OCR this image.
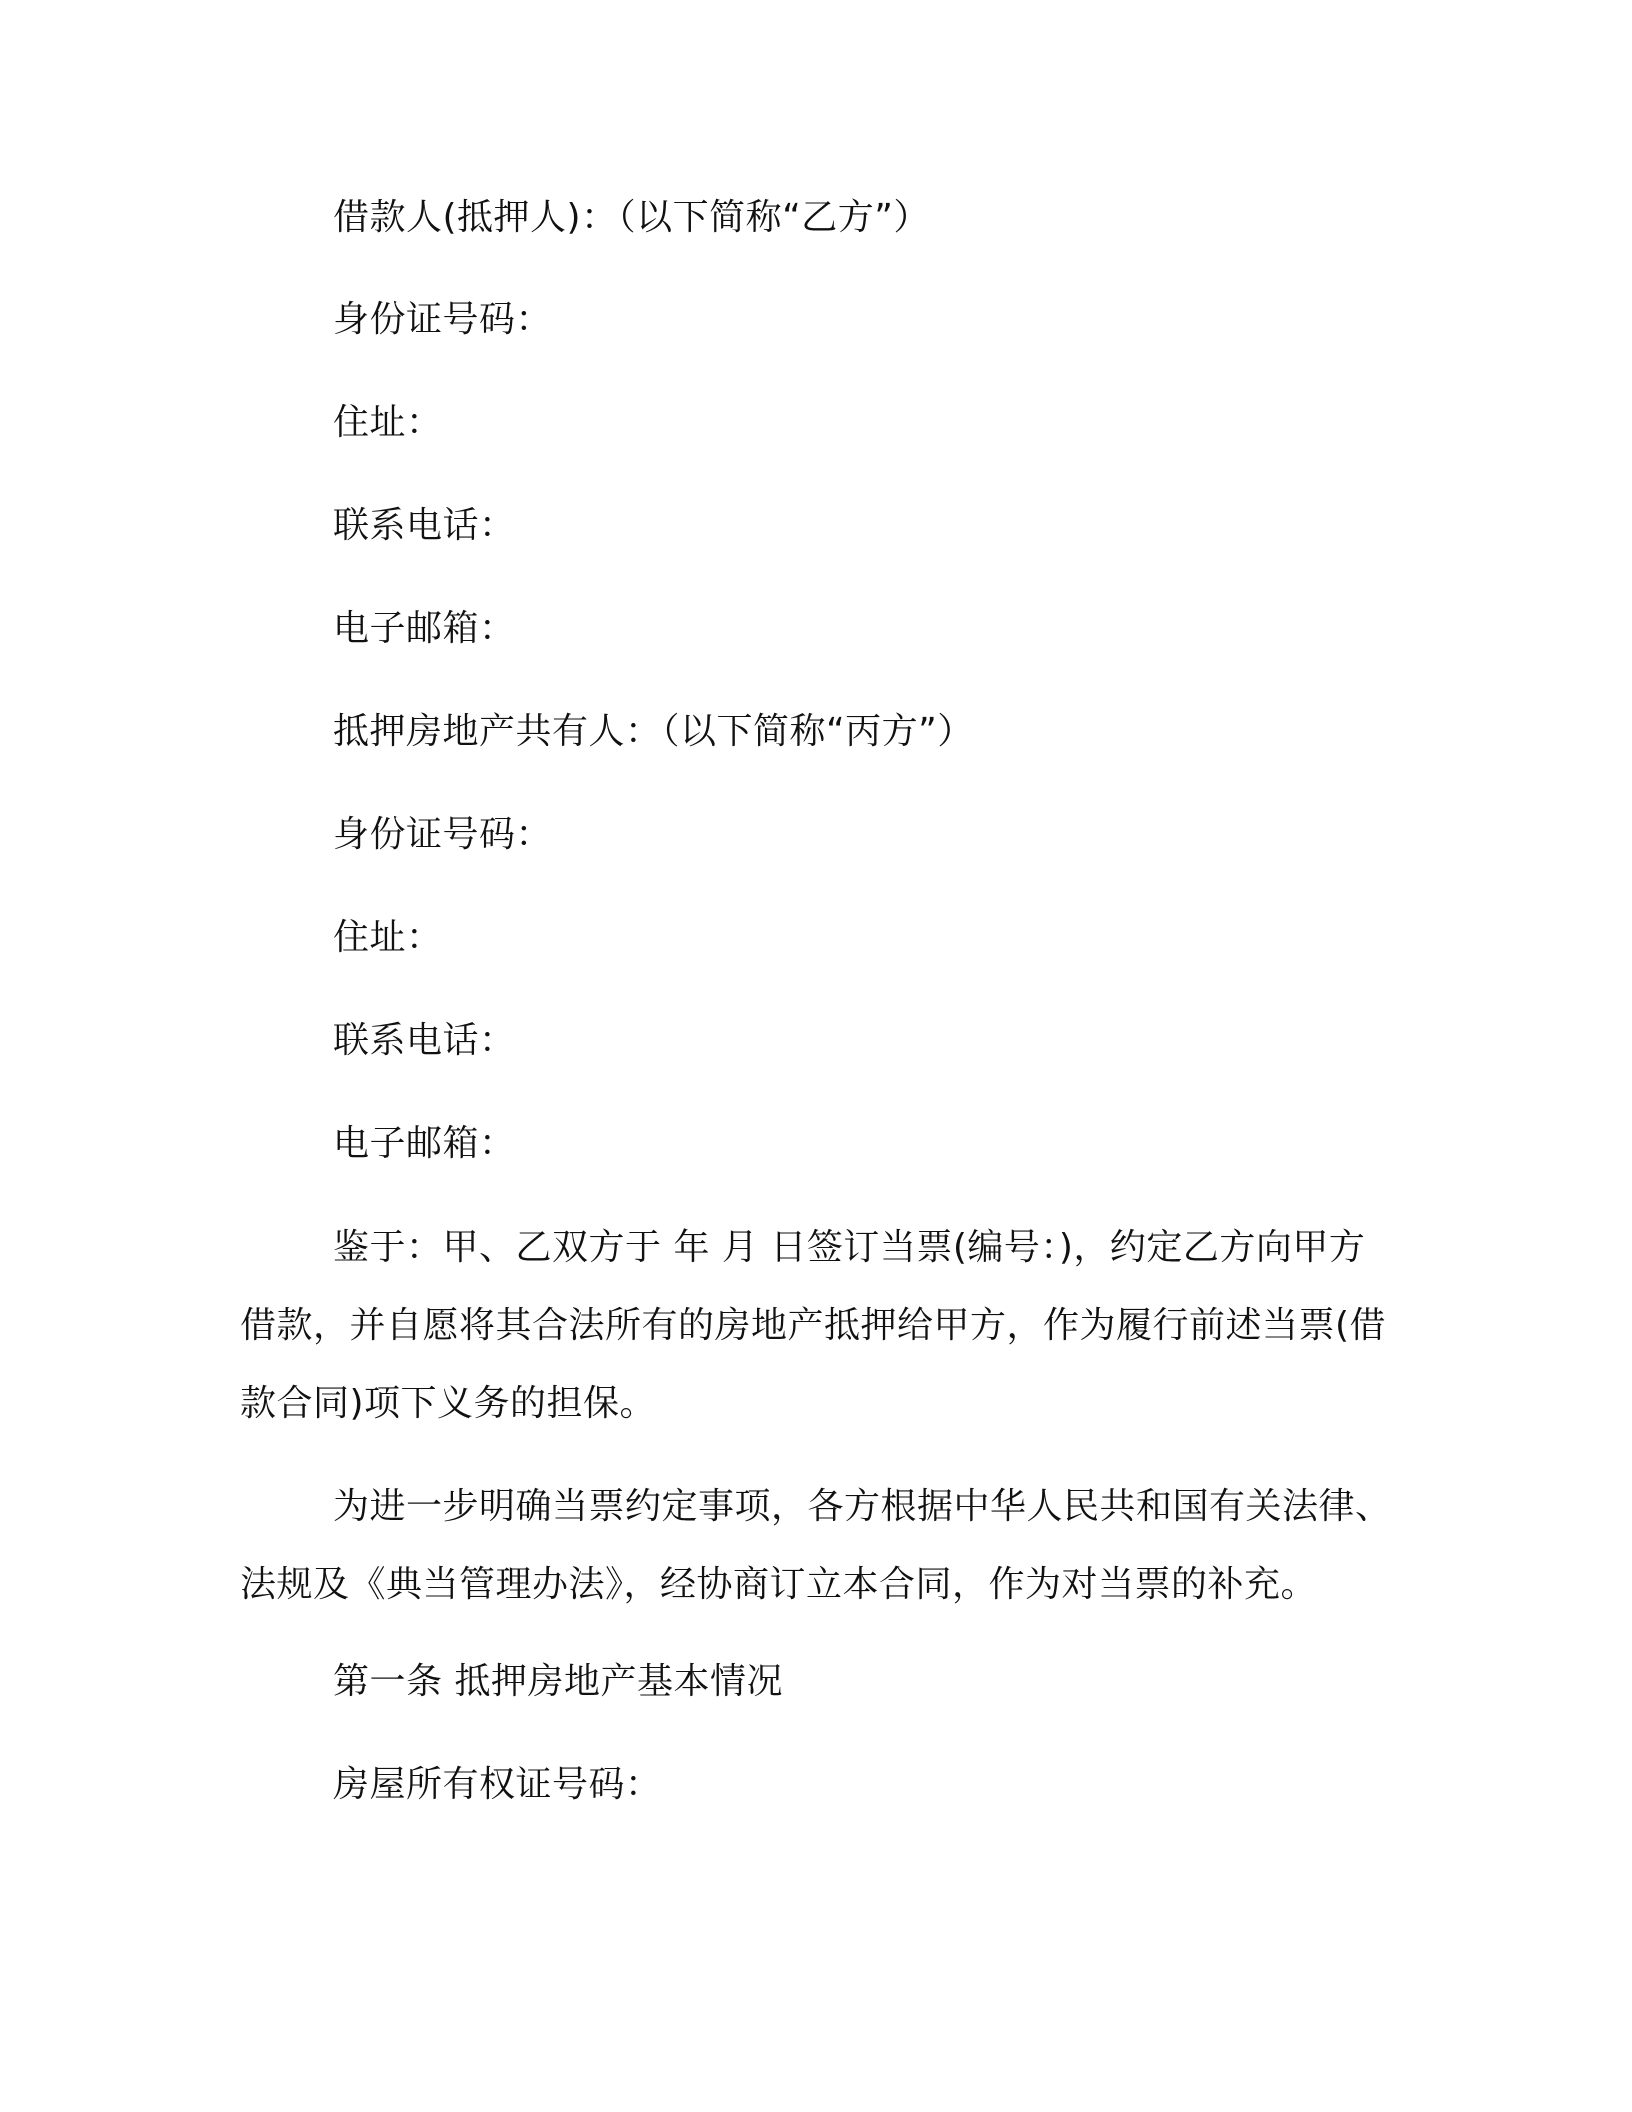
借款人(抵押人)：（以下简称“乙方”）
身份证号码：
住址：
联系电话：
电子邮箱：
抵押房地产共有人：（以下简称“丙方”）
身份证号码：
住址：
联系电话：
电子邮箱：
鉴于：甲、乙双方于 年 月 日签订当票(编号：)，约定乙方向甲方借款，并自愿将其合法所有的房地产抵押给甲方，作为履行前述当票(借款合同)项下义务的担保。
为进一步明确当票约定事项，各方根据中华人民共和国有关法律、法规及《典当管理办法》，经协商订立本合同，作为对当票的补充。
第一条 抵押房地产基本情况
房屋所有权证号码：
